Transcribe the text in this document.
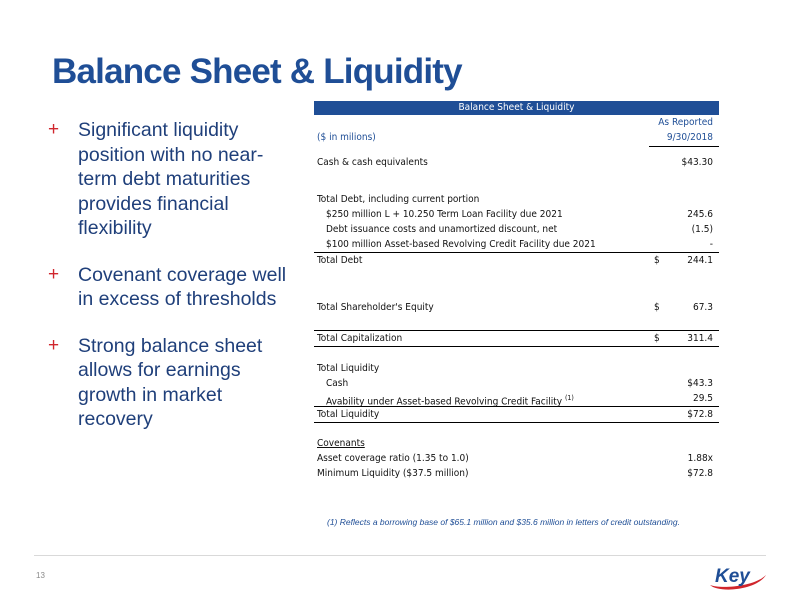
Balance Sheet & Liquidity
+ Significant liquidity position with no near-term debt maturities provides financial flexibility
+ Covenant coverage well in excess of thresholds
+ Strong balance sheet allows for earnings growth in market recovery
Balance Sheet & Liquidity
As Reported
($ in milions)	9/30/2018
Cash & cash equivalents	$43.30
Total Debt, including current portion
$250 million L + 10.250 Term Loan Facility due 2021	245.6
Debt issuance costs and unamortized discount, net	(1.5)
$100 million Asset-based Revolving Credit Facility due 2021	-
Total Debt	$	244.1
Total Shareholder's Equity	$	67.3
Total Capitalization	$	311.4
Total Liquidity
Cash	$43.3
Avability under Asset-based Revolving Credit Facility $^{(1)}$	29.5
Total Liquidity	$72.8
Covenants
Asset coverage ratio (1.35 to 1.0)	1.88x
Minimum Liquidity ($37.5 million)	$72.8
(1) Reflects a borrowing base of $65.1 million and $35.6 million in letters of credit outstanding.
13	Key
